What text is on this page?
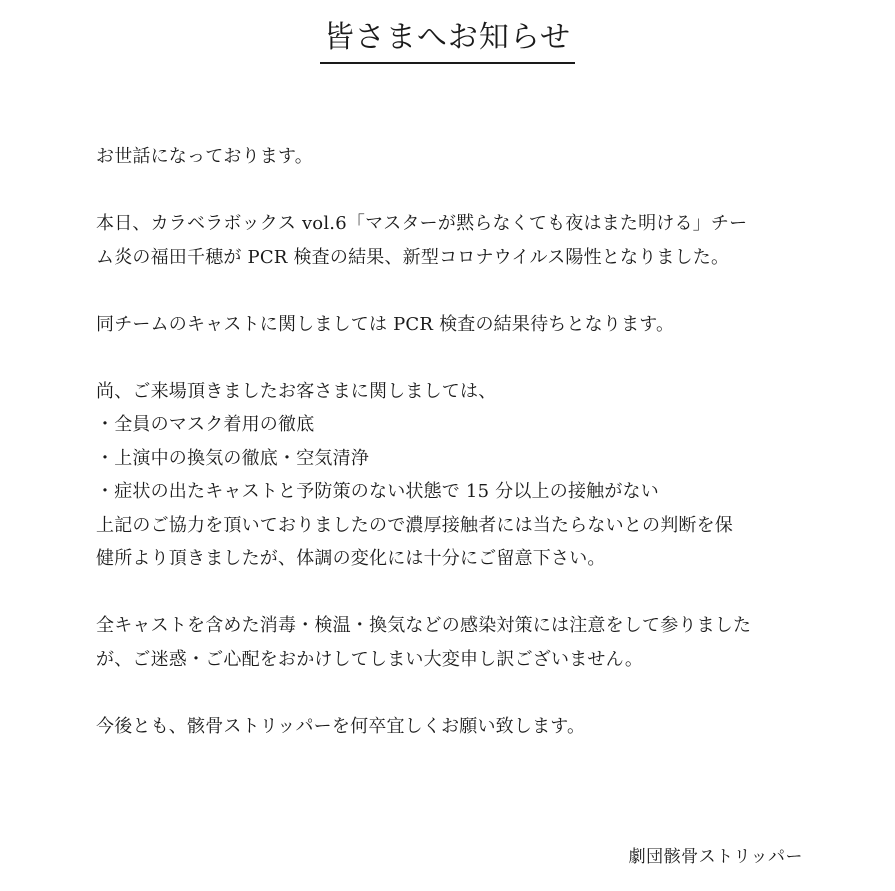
皆さまへお知らせ
お世話になっております。
本日、カラベラボックス vol.6「マスターが黙らなくても夜はまた明ける」チー
ム炎の福田千穂が PCR 検査の結果、新型コロナウイルス陽性となりました。
同チームのキャストに関しましては PCR 検査の結果待ちとなります。
尚、ご来場頂きましたお客さまに関しましては、
・全員のマスク着用の徹底
・上演中の換気の徹底・空気清浄
・症状の出たキャストと予防策のない状態で 15 分以上の接触がない
上記のご協力を頂いておりましたので濃厚接触者には当たらないとの判断を保
健所より頂きましたが、体調の変化には十分にご留意下さい。
全キャストを含めた消毒・検温・換気などの感染対策には注意をして参りました
が、ご迷惑・ご心配をおかけしてしまい大変申し訳ございません。
今後とも、骸骨ストリッパーを何卒宜しくお願い致します。
劇団骸骨ストリッパー
